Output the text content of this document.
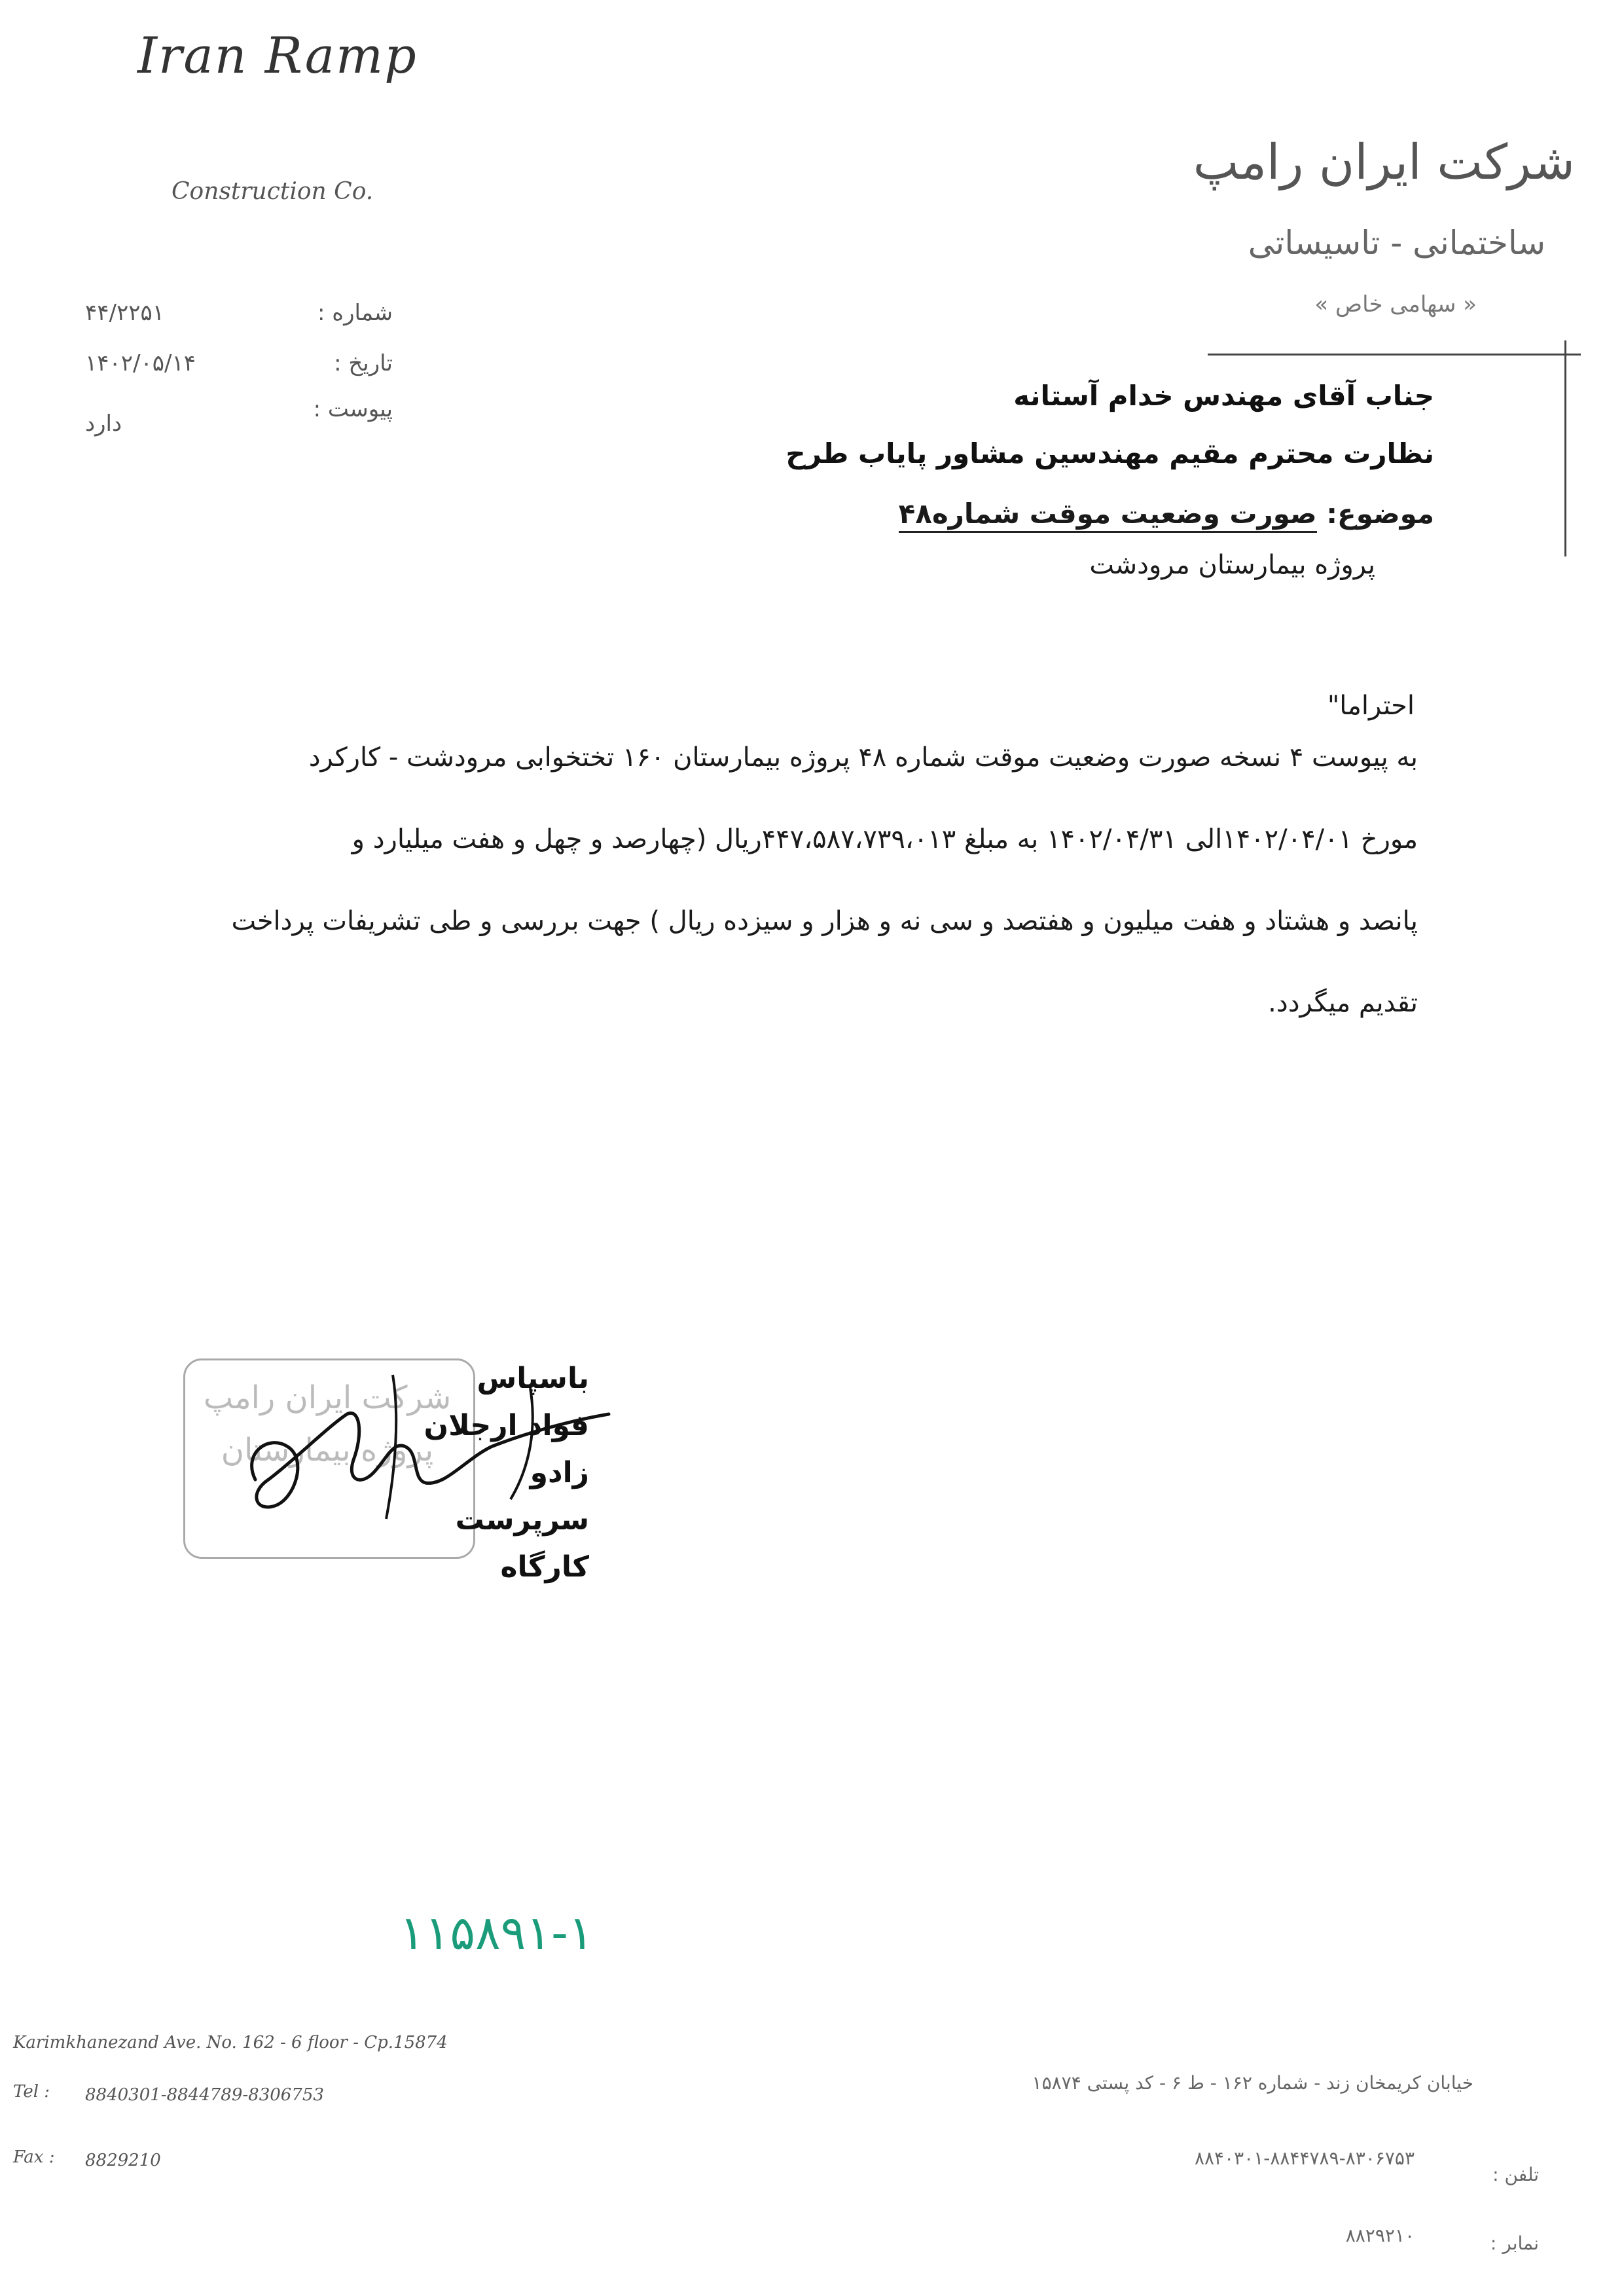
Iran Ramp
Construction Co.
شرکت ایران رامپ
ساختمانی - تاسیساتی
« سهامی خاص »
شماره :
۴۴/۲۲۵۱
تاریخ :
۱۴۰۲/۰۵/۱۴
پیوست :
دارد
جناب آقای مهندس خدام آستانه
نظارت محترم مقیم مهندسین مشاور پایاب طرح
موضوع: صورت وضعیت موقت شماره۴۸
پروژه بیمارستان مرودشت
احتراما"
به پیوست ۴ نسخه صورت وضعیت موقت شماره ۴۸ پروژه بیمارستان ۱۶۰ تختخوابی مرودشت - کارکرد
مورخ ۱۴۰۲/۰۴/۰۱الی ۱۴۰۲/۰۴/۳۱ به مبلغ ۴۴۷،۵۸۷،۷۳۹،۰۱۳ریال (چهارصد و چهل و هفت میلیارد و
پانصد و هشتاد و هفت میلیون و هفتصد و سی نه و هزار و سیزده ریال ) جهت بررسی و طی تشریفات پرداخت
تقدیم میگردد.
شرکت ایران رامپ پروژه بیمارستان
باسپاس
فواد ارجلان زادو
سرپرست کارگاه
۱۱۵۸۹۱-۱
Karimkhanezand Ave. No. 162 - 6 floor - Cp.15874
Tel : 8840301-8844789-8306753
Fax : 8829210
خیابان کریمخان زند - شماره ۱۶۲ - ط ۶ - کد پستی ۱۵۸۷۴
تلفن :
۸۸۴۰۳۰۱-۸۸۴۴۷۸۹-۸۳۰۶۷۵۳
نمابر :
۸۸۲۹۲۱۰
